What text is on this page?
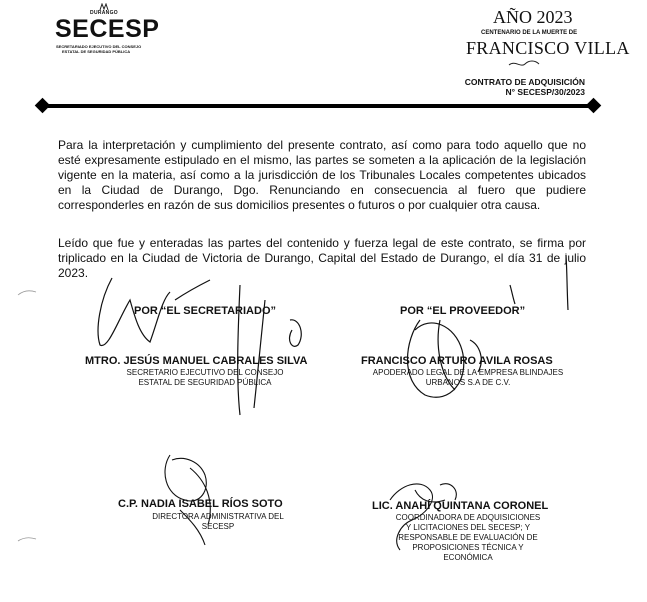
DURANGO
SECESP
SECRETARIADO EJECUTIVO DEL CONSEJO
ESTATAL DE SEGURIDAD PÚBLICA
AÑO 2023
CENTENARIO DE LA MUERTE DE
FRANCISCO VILLA
CONTRATO DE ADQUISICIÓN
N° SECESP/30/2023
Para la interpretación y cumplimiento del presente contrato, así como para todo aquello que no esté expresamente estipulado en el mismo, las partes se someten a la aplicación de la legislación vigente en la materia, así como a la jurisdicción de los Tribunales Locales competentes ubicados en la Ciudad de Durango, Dgo. Renunciando en consecuencia al fuero que pudiere corresponderles en razón de sus domicilios presentes o futuros o por cualquier otra causa.
Leído que fue y enteradas las partes del contenido y fuerza legal de este contrato, se firma por triplicado en la Ciudad de Victoria de Durango, Capital del Estado de Durango, el día 31 de julio 2023.
POR “EL SECRETARIADO”	POR “EL PROVEEDOR”
MTRO. JESÚS MANUEL CABRALES SILVA
SECRETARIO EJECUTIVO DEL CONSEJO
ESTATAL DE SEGURIDAD PÚBLICA
FRANCISCO ARTURO AVILA ROSAS
APODERADO LEGAL DE LA EMPRESA BLINDAJES
URBANOS S.A DE C.V.
C.P. NADIA ISABEL RÍOS SOTO
DIRECTORA ADMINISTRATIVA DEL
SECESP
LIC. ANAHÍ QUINTANA CORONEL
COORDINADORA DE ADQUISICIONES
Y LICITACIONES DEL SECESP; Y
RESPONSABLE DE EVALUACIÓN DE
PROPOSICIONES TÉCNICA Y
ECONÓMICA
